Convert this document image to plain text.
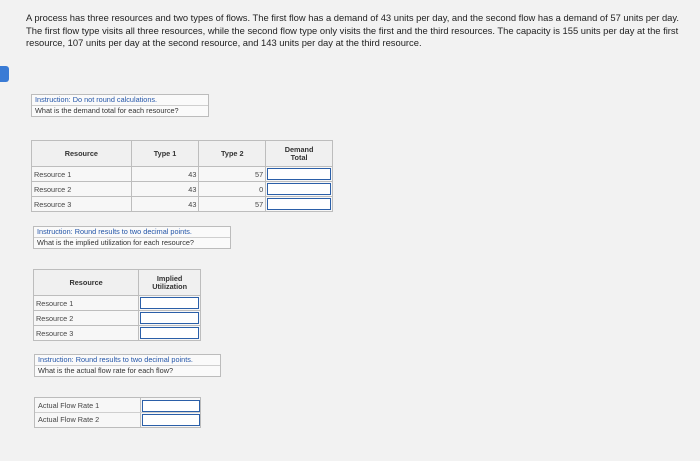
A process has three resources and two types of flows. The first flow has a demand of 43 units per day, and the second flow has a demand of 57 units per day. The first flow type visits all three resources, while the second flow type only visits the first and the third resources. The capacity is 155 units per day at the first resource, 107 units per day at the second resource, and 143 units per day at the third resource.

Instruction: Do not round calculations.
What is the demand total for each resource?
Resource	Type 1	Type 2	Demand
Total
Resource 1	43	57	

Resource 2	43	0	

Resource 3	43	57	
Instruction: Round results to two decimal points.
What is the implied utilization for each resource?
Resource	Implied
Utilization
Resource 1	

Resource 2	

Resource 3	
Instruction: Round results to two decimal points.
What is the actual flow rate for each flow?
Actual Flow Rate 1
Actual Flow Rate 2
